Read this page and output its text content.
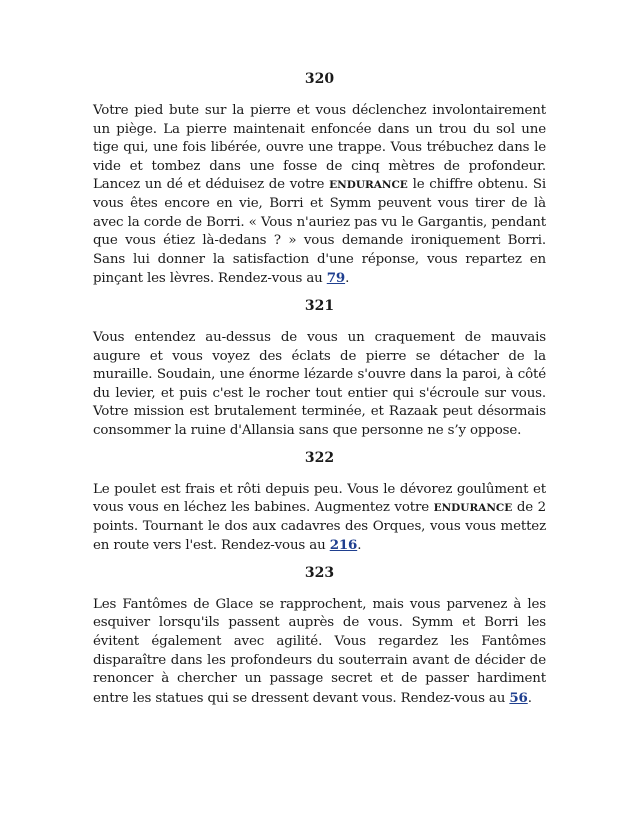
320

Votre pied bute sur la pierre et vous déclenchez involontairement un piège. La pierre maintenait enfoncée dans un trou du sol une tige qui, une fois libérée, ouvre une trappe. Vous trébuchez dans le vide et tombez dans une fosse de cinq mètres de profondeur. Lancez un dé et déduisez de votre ENDURANCE le chiffre obtenu. Si vous êtes encore en vie, Borri et Symm peuvent vous tirer de là avec la corde de Borri. « Vous n'auriez pas vu le Gargantis, pendant que vous étiez là-dedans ? » vous demande ironiquement Borri. Sans lui donner la satisfaction d'une réponse, vous repartez en pinçant les lèvres. Rendez-vous au 79.

321

Vous entendez au-dessus de vous un craquement de mauvais augure et vous voyez des éclats de pierre se détacher de la muraille. Soudain, une énorme lézarde s'ouvre dans la paroi, à côté du levier, et puis c'est le rocher tout entier qui s'écroule sur vous. Votre mission est brutalement terminée, et Razaak peut désormais consommer la ruine d'Allansia sans que personne ne s’y oppose.

322

Le poulet est frais et rôti depuis peu. Vous le dévorez goulûment et vous vous en léchez les babines. Augmentez votre ENDURANCE de 2 points. Tournant le dos aux cadavres des Orques, vous vous mettez en route vers l'est. Rendez-vous au 216.

323

Les Fantômes de Glace se rapprochent, mais vous parvenez à les esquiver lorsqu'ils passent auprès de vous. Symm et Borri les évitent également avec agilité. Vous regardez les Fantômes disparaître dans les profondeurs du souterrain avant de décider de renoncer à chercher un passage secret et de passer hardiment entre les statues qui se dressent devant vous. Rendez-vous au 56.
